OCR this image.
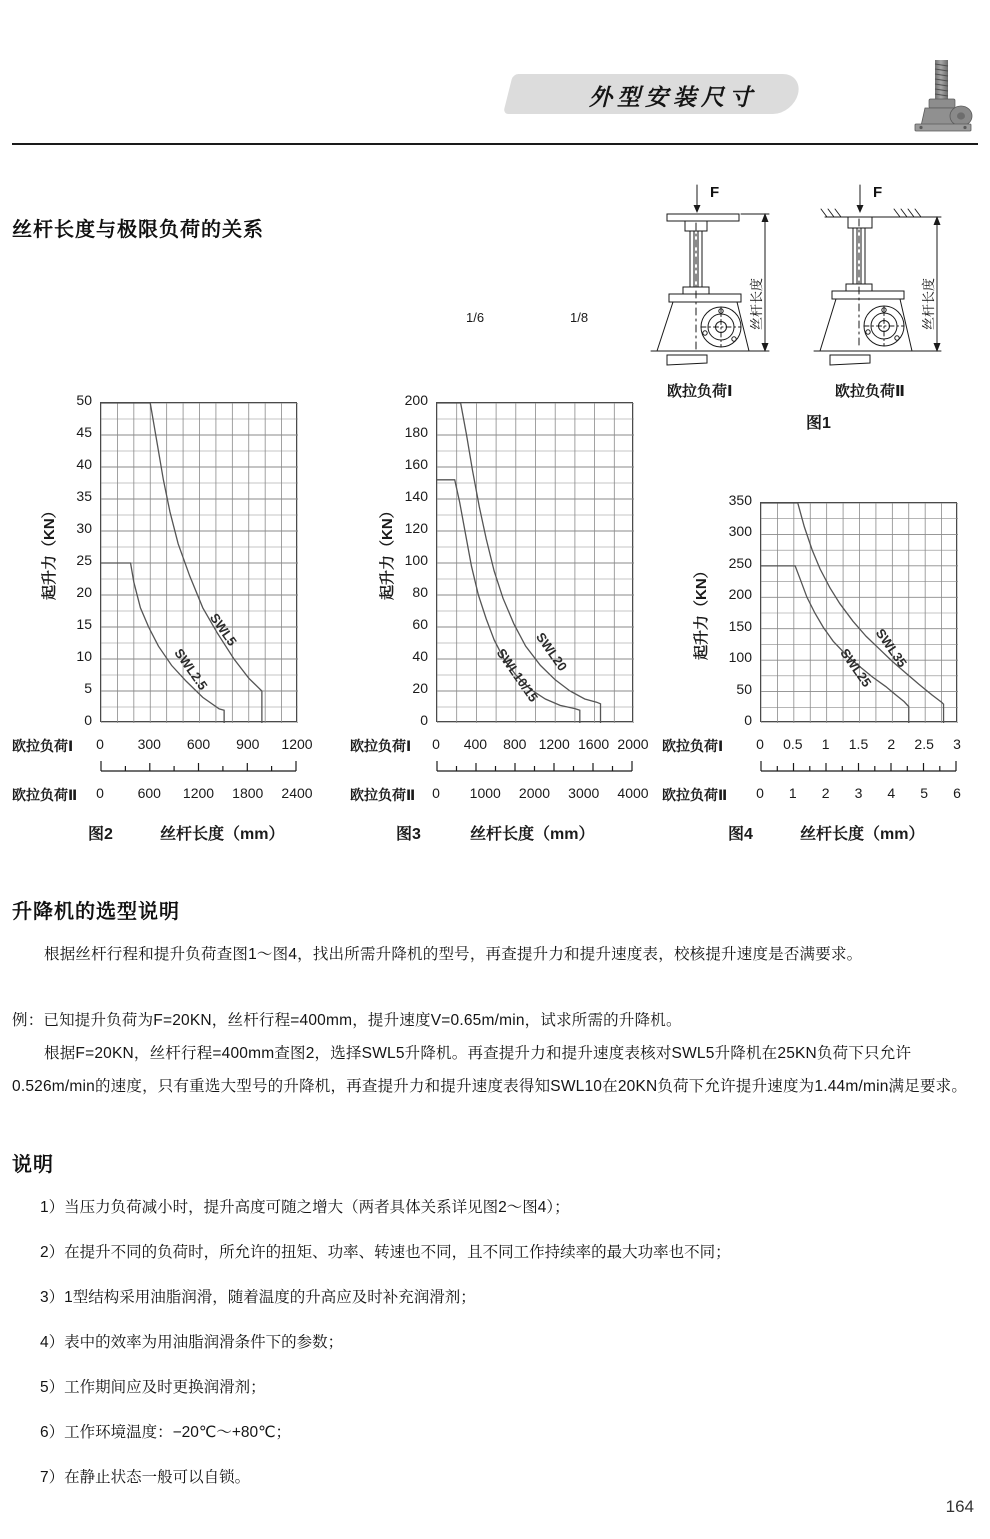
外型安装尺寸
丝杆长度与极限负荷的关系
1/6	1/8
F	F
丝杆长度	丝杆长度
欧拉负荷Ⅰ	欧拉负荷Ⅱ
图1
起升力（KN）
SWL2.5
SWL5
0
5
10
15
20
25
30
35
40
45
50
欧拉负荷Ⅰ	0	300	600	900	1200
欧拉负荷Ⅱ	0	600	1200	1800	2400
图2	丝杆长度（mm）
起升力（KN）
SWL10/15
SWL20
0
20
40
60
80
100
120
140
160
180
200
欧拉负荷Ⅰ	0	400	800 1200 1600 2000
欧拉负荷Ⅱ	0	1000	2000	3000	4000
图3	丝杆长度（mm）
起升力（KN）
SWL25
SWL35
0
50
100
150
200
250
300
350
欧拉负荷Ⅰ	0	0.5	1	1.5	2	2.5	3
欧拉负荷Ⅱ	0	1	2	3	4	5	6
图4	丝杆长度（mm）
升降机的选型说明
根据丝杆行程和提升负荷查图1～图4，找出所需升降机的型号，再查提升力和提升速度表，校核提升速度是否满要求。
例：已知提升负荷为F=20KN，丝杆行程=400mm，提升速度V=0.65m/min，试求所需的升降机。
根据F=20KN，丝杆行程=400mm查图2，选择SWL5升降机。再查提升力和提升速度表核对SWL5升降机在25KN负荷下只允许0.526m/min的速度，只有重选大型号的升降机，再查提升力和提升速度表得知SWL10在20KN负荷下允许提升速度为1.44m/min满足要求。
说明
1）当压力负荷减小时，提升高度可随之增大（两者具体关系详见图2～图4）；
2）在提升不同的负荷时，所允许的扭矩、功率、转速也不同，且不同工作持续率的最大功率也不同；
3）1型结构采用油脂润滑，随着温度的升高应及时补充润滑剂；
4）表中的效率为用油脂润滑条件下的参数；
5）工作期间应及时更换润滑剂；
6）工作环境温度：−20℃～+80℃；
7）在静止状态一般可以自锁。
164
